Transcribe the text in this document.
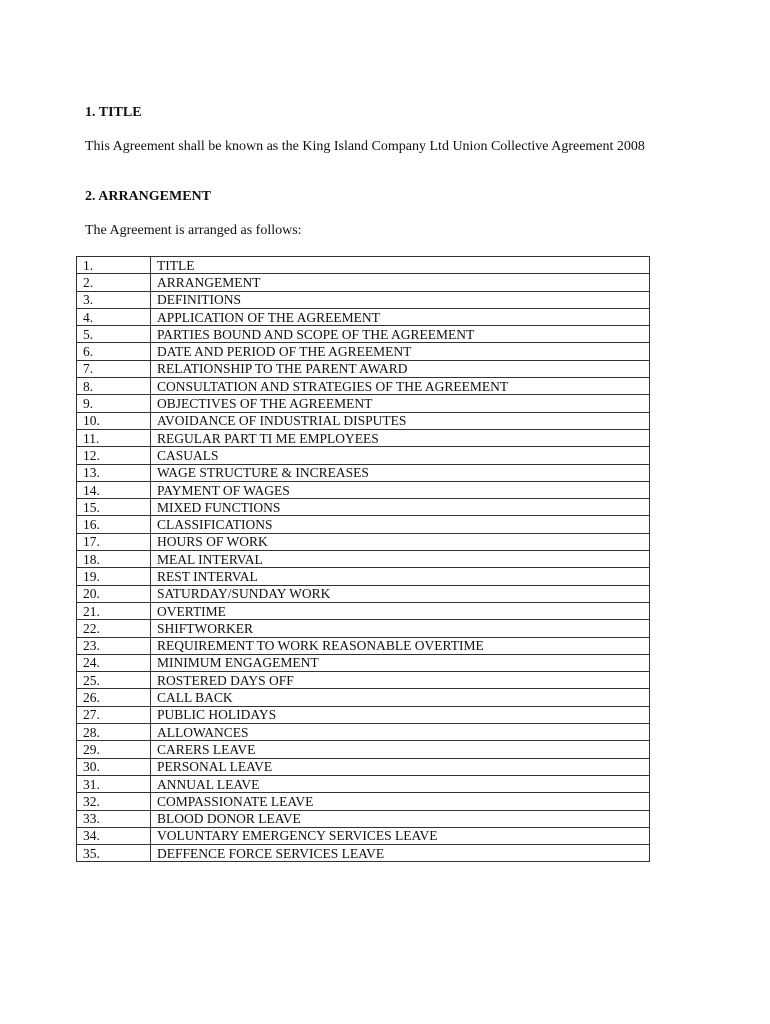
1. TITLE

This Agreement shall be known as the King Island Company Ltd Union Collective Agreement 2008

2. ARRANGEMENT

The Agreement is arranged as follows:

1.	TITLE
2.	ARRANGEMENT
3.	DEFINITIONS
4.	APPLICATION OF THE AGREEMENT
5.	PARTIES BOUND AND SCOPE OF THE AGREEMENT
6.	DATE AND PERIOD OF THE AGREEMENT
7.	RELATIONSHIP TO THE PARENT AWARD
8.	CONSULTATION AND STRATEGIES OF THE AGREEMENT
9.	OBJECTIVES OF THE AGREEMENT
10.	AVOIDANCE OF INDUSTRIAL DISPUTES
11.	REGULAR PART TI ME EMPLOYEES
12.	CASUALS
13.	WAGE STRUCTURE & INCREASES
14.	PAYMENT OF WAGES
15.	MIXED FUNCTIONS
16.	CLASSIFICATIONS
17.	HOURS OF WORK
18.	MEAL INTERVAL
19.	REST INTERVAL
20.	SATURDAY/SUNDAY WORK
21.	OVERTIME
22.	SHIFTWORKER
23.	REQUIREMENT TO WORK REASONABLE OVERTIME
24.	MINIMUM ENGAGEMENT
25.	ROSTERED DAYS OFF
26.	CALL BACK
27.	PUBLIC HOLIDAYS
28.	ALLOWANCES
29.	CARERS LEAVE
30.	PERSONAL LEAVE
31.	ANNUAL LEAVE
32.	COMPASSIONATE LEAVE
33.	BLOOD DONOR LEAVE
34.	VOLUNTARY EMERGENCY SERVICES LEAVE
35.	DEFFENCE FORCE SERVICES LEAVE
